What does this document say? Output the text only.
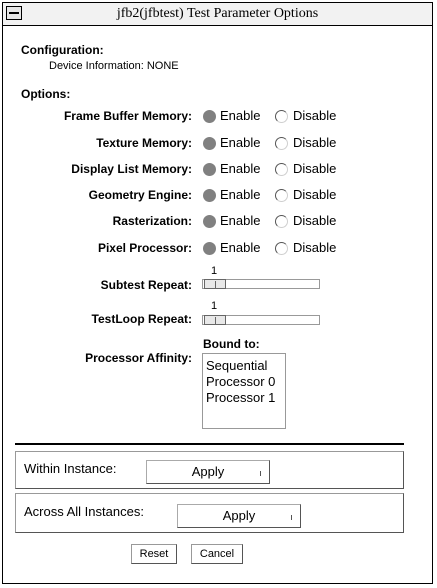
jfb2(jfbtest) Test Parameter Options
Configuration:
Device Information: NONE
Options:
Frame Buffer Memory: Enable	Disable
Texture Memory: Enable	Disable
Display List Memory: Enable	Disable
Geometry Engine: Enable	Disable
Rasterization: Enable	Disable
Pixel Processor: Enable	Disable
Subtest Repeat:
1
TestLoop Repeat:
1
Processor Affinity:
Bound to:
Sequential
Processor 0
Processor 1
Within Instance:	Apply
Across All Instances:	Apply
Reset	Cancel
